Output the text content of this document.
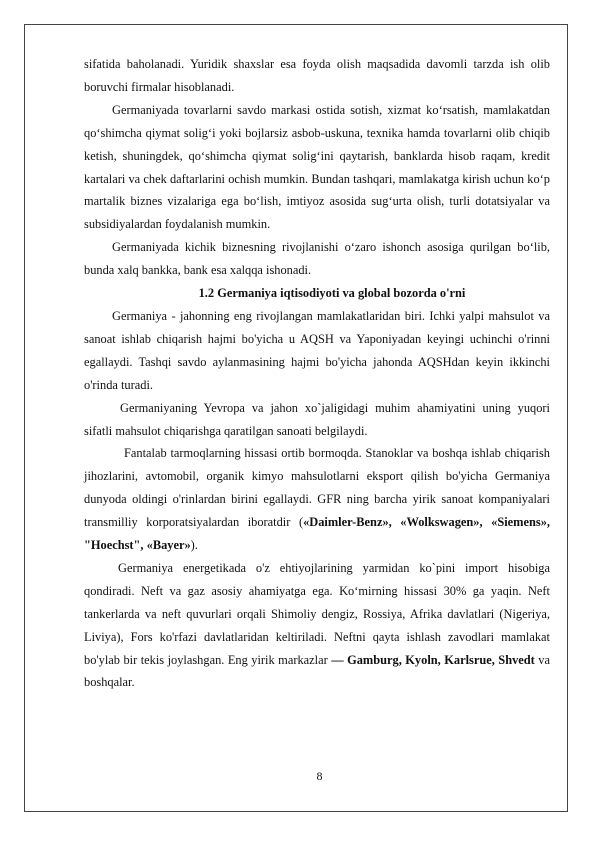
sifatida baholanadi. Yuridik shaxslar esa foyda olish maqsadida davomli tarzda ish olib boruvchi firmalar hisoblanadi.

Germaniyada tovarlarni savdo markasi ostida sotish, xizmat ko‘rsatish, mamlakatdan qo‘shimcha qiymat solig‘i yoki bojlarsiz asbob-uskuna, texnika hamda tovarlarni olib chiqib ketish, shuningdek, qo‘shimcha qiymat solig‘ini qaytarish, banklarda hisob raqam, kredit kartalari va chek daftarlarini ochish mumkin. Bundan tashqari, mamlakatga kirish uchun ko‘p martalik biznes vizalariga ega bo‘lish, imtiyoz asosida sug‘urta olish, turli dotatsiyalar va subsidiyalardan foydalanish mumkin.

Germaniyada kichik biznesning rivojlanishi o‘zaro ishonch asosiga qurilgan bo‘lib, bunda xalq bankka, bank esa xalqqa ishonadi.

1.2 Germaniya iqtisodiyoti va global bozorda o'rni

Germaniya - jahonning eng rivojlangan mamlakatlaridan biri. Ichki yalpi mahsulot va sanoat ishlab chiqarish hajmi bo'yicha u AQSH va Yaponiyadan keyingi uchinchi o'rinni egallaydi. Tashqi savdo aylanmasining hajmi bo'yicha jahonda AQSHdan keyin ikkinchi o'rinda turadi.

Germaniyaning Yevropa va jahon xo`jaligidagi muhim ahamiyatini uning yuqori sifatli mahsulot chiqarishga qaratilgan sanoati belgilaydi.

Fantalab tarmoqlarning hissasi ortib bormoqda. Stanoklar va boshqa ishlab chiqarish jihozlarini, avtomobil, organik kimyo mahsulotlarni eksport qilish bo'yicha Germaniya dunyoda oldingi o'rinlardan birini egallaydi. GFR ning barcha yirik sanoat kompaniyalari transmilliy korporatsiyalardan iboratdir («Daimler-Benz», «Wolkswagen», «Siemens», "Hoechst", «Bayer»).

Germaniya energetikada o'z ehtiyojlarining yarmidan ko`pini import hisobiga qondiradi. Neft va gaz asosiy ahamiyatga ega. Ko‘mirning hissasi 30% ga yaqin. Neft tankerlarda va neft quvurlari orqali Shimoliy dengiz, Rossiya, Afrika davlatlari (Nigeriya, Liviya), Fors ko'rfazi davlatlaridan keltiriladi. Neftni qayta ishlash zavodlari mamlakat bo'ylab bir tekis joylashgan. Eng yirik markazlar — Gamburg, Kyoln, Karlsrue, Shvedt va boshqalar.

8
